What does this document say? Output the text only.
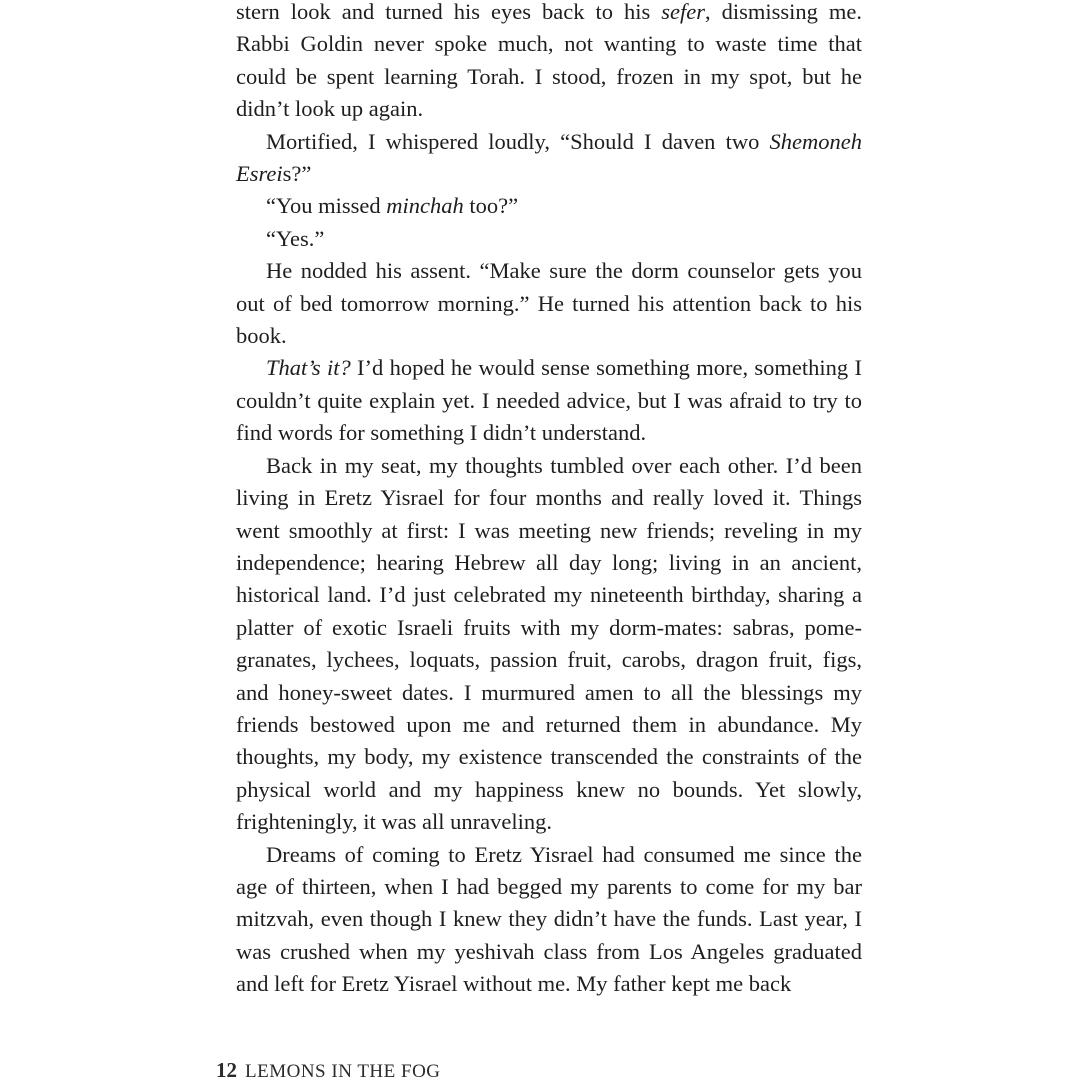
stern look and turned his eyes back to his sefer, dismissing me. Rabbi Goldin never spoke much, not wanting to waste time that could be spent learning Torah. I stood, frozen in my spot, but he didn’t look up again.

Mortified, I whispered loudly, “Should I daven two Shemoneh Esreis?”

“You missed minchah too?”

“Yes.”

He nodded his assent. “Make sure the dorm counselor gets you out of bed tomorrow morning.” He turned his attention back to his book.

That’s it? I’d hoped he would sense something more, something I couldn’t quite explain yet. I needed advice, but I was afraid to try to find words for something I didn’t understand.

Back in my seat, my thoughts tumbled over each other. I’d been living in Eretz Yisrael for four months and really loved it. Things went smoothly at first: I was meeting new friends; reveling in my independence; hearing Hebrew all day long; living in an ancient, historical land. I’d just celebrated my nineteenth birthday, sharing a platter of exotic Israeli fruits with my dorm-mates: sabras, pomegranates, lychees, loquats, passion fruit, carobs, dragon fruit, figs, and honey-sweet dates. I murmured amen to all the blessings my friends bestowed upon me and returned them in abundance. My thoughts, my body, my existence transcended the constraints of the physical world and my happiness knew no bounds. Yet slowly, frighteningly, it was all unraveling.

Dreams of coming to Eretz Yisrael had consumed me since the age of thirteen, when I had begged my parents to come for my bar mitzvah, even though I knew they didn’t have the funds. Last year, I was crushed when my yeshivah class from Los Angeles graduated and left for Eretz Yisrael without me. My father kept me back

12 LEMONS IN THE FOG
